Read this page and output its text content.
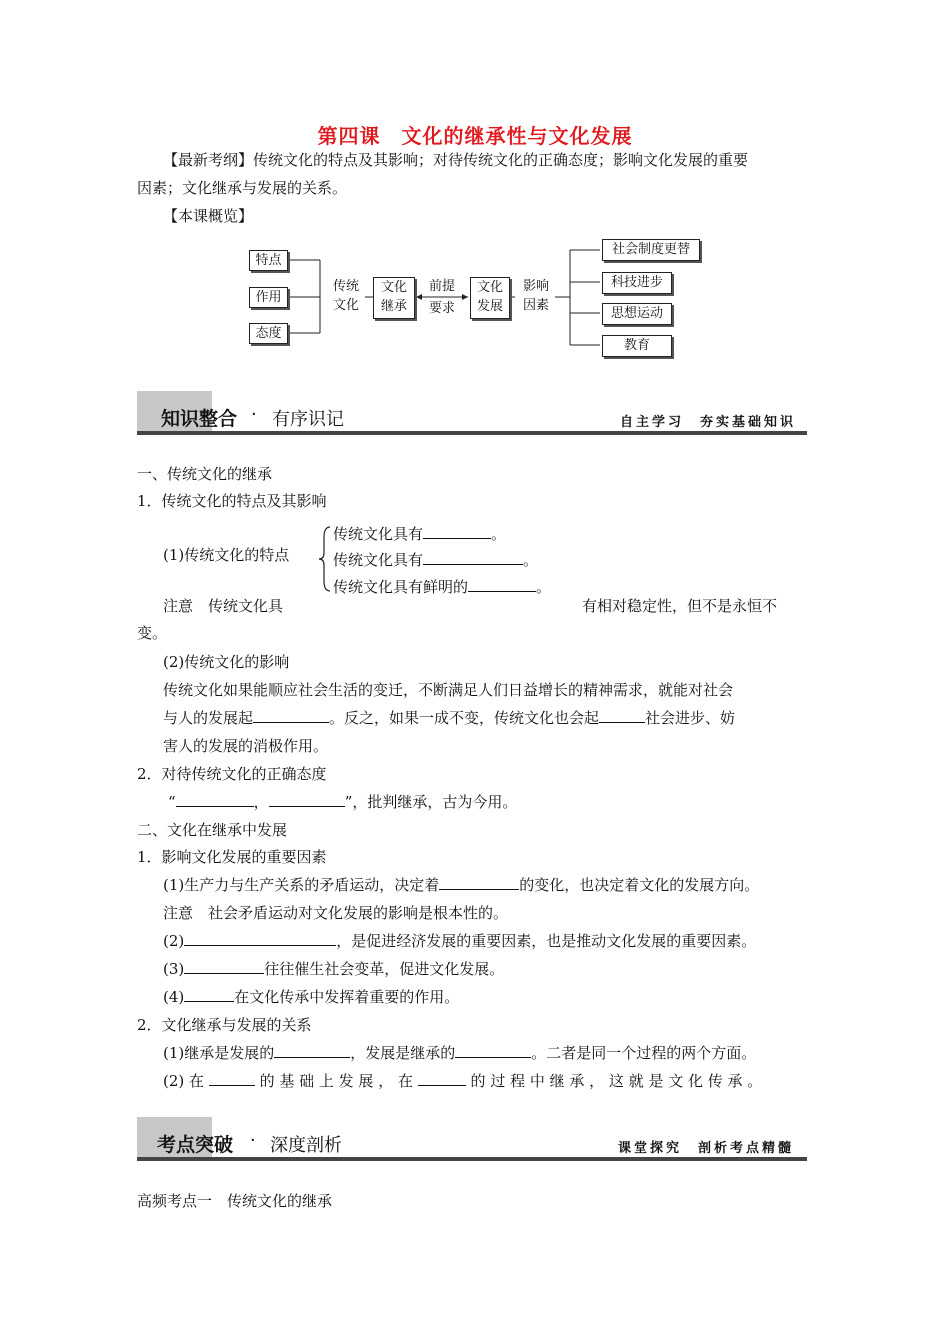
第四课　文化的继承性与文化发展
【最新考纲】传统文化的特点及其影响；对待传统文化的正确态度；影响文化发展的重要
因素；文化继承与发展的关系。
【本课概览】
特点
作用
态度
传统
文化
文化
继承
前提
要求
文化
发展
影响
因素
社会制度更替
科技进步
思想运动
教育
知识整合 · 有序识记	自主学习　夯实基础知识
一、传统文化的继承
1．传统文化的特点及其影响
(1)传统文化的特点
传统文化具有	。
传统文化具有	。
传统文化具有鲜明的	。
注意　传统文化具	有相对稳定性，但不是永恒不
变。
(2)传统文化的影响
传统文化如果能顺应社会生活的变迁，不断满足人们日益增长的精神需求，就能对社会
与人的发展起	。反之，如果一成不变，传统文化也会起	社会进步、妨
害人的发展的消极作用。
2．对待传统文化的正确态度
“	，	”，批判继承，古为今用。
二、文化在继承中发展
1．影响文化发展的重要因素
(1)生产力与生产关系的矛盾运动，决定着	的变化，也决定着文化的发展方向。
注意　社会矛盾运动对文化发展的影响是根本性的。
(2)	，是促进经济发展的重要因素，也是推动文化发展的重要因素。
(3)	往往催生社会变革，促进文化发展。
(4)	在文化传承中发挥着重要的作用。
2．文化继承与发展的关系
(1)继承是发展的	，发展是继承的	。二者是同一个过程的两个方面。
(2) 在	的 基 础 上 发 展 ， 在	的 过 程 中 继 承 ， 这 就 是 文 化 传 承 。
考点突破 · 深度剖析	课堂探究　剖析考点精髓
高频考点一　传统文化的继承
